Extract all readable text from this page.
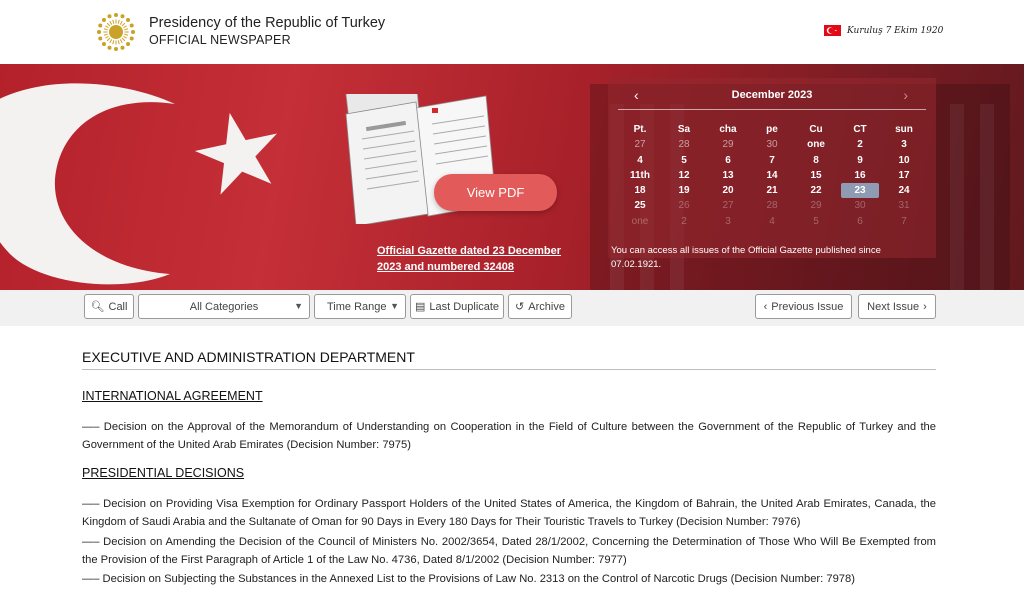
Presidency of the Republic of Turkey
OFFICIAL NEWSPAPER
Kuruluş 7 Ekim 1920
View PDF
Official Gazette dated 23 December 2023 and numbered 32408
‹	December 2023	›
Pt.	Sa	cha	pe	Cu	CT	sun
27	28	29	30	one	2	3
4	5	6	7	8	9	10
11th	12	13	14	15	16	17
18	19	20	21	22	23	24
25	26	27	28	29	30	31
one	2	3	4	5	6	7
You can access all issues of the Official Gazette published since 07.02.1921.
🔍︎ Call	All Categories	▼ Time Range ▼ ▤ Last Duplicate ↺ Archive	‹ Previous Issue Next Issue ›
EXECUTIVE AND ADMINISTRATION DEPARTMENT
INTERNATIONAL AGREEMENT
—– Decision on the Approval of the Memorandum of Understanding on Cooperation in the Field of Culture between the Government of the Republic of Turkey and the Government of the United Arab Emirates (Decision Number: 7975)
PRESIDENTIAL DECISIONS
—– Decision on Providing Visa Exemption for Ordinary Passport Holders of the United States of America, the Kingdom of Bahrain, the United Arab Emirates, Canada, the Kingdom of Saudi Arabia and the Sultanate of Oman for 90 Days in Every 180 Days for Their Touristic Travels to Turkey (Decision Number: 7976)
—– Decision on Amending the Decision of the Council of Ministers No. 2002/3654, Dated 28/1/2002, Concerning the Determination of Those Who Will Be Exempted from the Provision of the First Paragraph of Article 1 of the Law No. 4736, Dated 8/1/2002 (Decision Number: 7977)
—– Decision on Subjecting the Substances in the Annexed List to the Provisions of Law No. 2313 on the Control of Narcotic Drugs (Decision Number: 7978)
